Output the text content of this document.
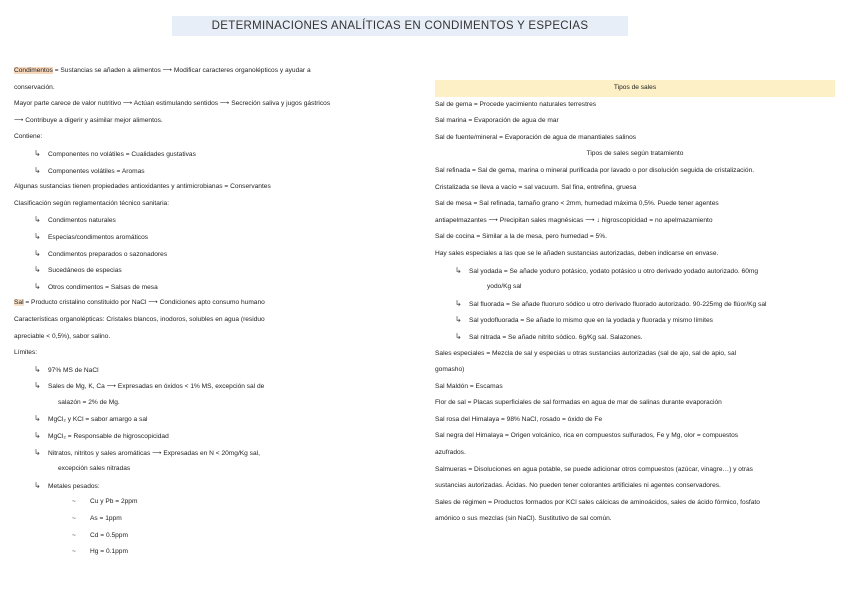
DETERMINACIONES ANALÍTICAS EN CONDIMENTOS Y ESPECIAS
Condimentos = Sustancias se añaden a alimentos ⟶ Modificar caracteres organolépticos y ayudar a
conservación.
Mayor parte carece de valor nutritivo ⟶ Actúan estimulando sentidos ⟶ Secreción saliva y jugos gástricos
⟶ Contribuye a digerir y asimilar mejor alimentos.
Contiene:
↳ Componentes no volátiles = Cualidades gustativas
↳ Componentes volátiles = Aromas
Algunas sustancias tienen propiedades antioxidantes y antimicrobianas = Conservantes
Clasificación según reglamentación técnico sanitaria:
↳ Condimentos naturales
↳ Especias/condimentos aromáticos
↳ Condimentos preparados o sazonadores
↳ Sucedáneos de especias
↳ Otros condimentos = Salsas de mesa
Sal = Producto cristalino constituido por NaCl ⟶ Condiciones apto consumo humano
Características organolépticas: Cristales blancos, inodoros, solubles en agua (residuo
apreciable < 0,5%), sabor salino.
Límites:
↳ 97% MS de NaCl
↳ Sales de Mg, K, Ca ⟶ Expresadas en óxidos < 1% MS, excepción sal de
salazón = 2% de Mg.
↳ MgCl₂ y KCl = sabor amargo a sal
↳ MgCl₂ = Responsable de higroscopicidad
↳ Nitratos, nitritos y sales aromáticas ⟶ Expresadas en N < 20mg/Kg sal,
excepción sales nitradas
↳ Metales pesados:
~ Cu y Pb = 2ppm
~ As = 1ppm
~ Cd = 0.5ppm
~ Hg = 0.1ppm
Tipos de sales
Sal de gema = Procede yacimiento naturales terrestres
Sal marina = Evaporación de agua de mar
Sal de fuente/mineral = Evaporación de agua de manantiales salinos
Tipos de sales según tratamiento
Sal refinada = Sal de gema, marina o mineral purificada por lavado o por disolución seguida de cristalización.
Cristalizada se lleva a vacío = sal vacuum. Sal fina, entrefina, gruesa
Sal de mesa = Sal refinada, tamaño grano < 2mm, humedad máxima 0,5%. Puede tener agentes
antiapelmazantes ⟶ Precipitan sales magnésicas ⟶ ↓ higroscopicidad = no apelmazamiento
Sal de cocina = Similar a la de mesa, pero humedad = 5%.
Hay sales especiales a las que se le añaden sustancias autorizadas, deben indicarse en envase.
↳ Sal yodada = Se añade yoduro potásico, yodato potásico u otro derivado yodado autorizado. 60mg
yodo/Kg sal
↳ Sal fluorada = Se añade fluoruro sódico u otro derivado fluorado autorizado. 90-225mg de flúor/Kg sal
↳ Sal yodofluorada = Se añade lo mismo que en la yodada y fluorada y mismo límites
↳ Sal nitrada = Se añade nitrito sódico. 6g/Kg sal. Salazones.
Sales especiales = Mezcla de sal y especias u otras sustancias autorizadas (sal de ajo, sal de apio, sal
gomasho)
Sal Maldón = Escamas
Flor de sal = Placas superficiales de sal formadas en agua de mar de salinas durante evaporación
Sal rosa del Himalaya = 98% NaCl, rosado = óxido de Fe
Sal negra del Himalaya = Origen volcánico, rica en compuestos sulfurados, Fe y Mg, olor = compuestos
azufrados.
Salmueras = Disoluciones en agua potable, se puede adicionar otros compuestos (azúcar, vinagre…) y otras
sustancias autorizadas. Ácidas. No pueden tener colorantes artificiales ni agentes conservadores.
Sales de régimen = Productos formados por KCl sales cálcicas de aminoácidos, sales de ácido fórmico, fosfato
amónico o sus mezclas (sin NaCl). Sustitutivo de sal común.
